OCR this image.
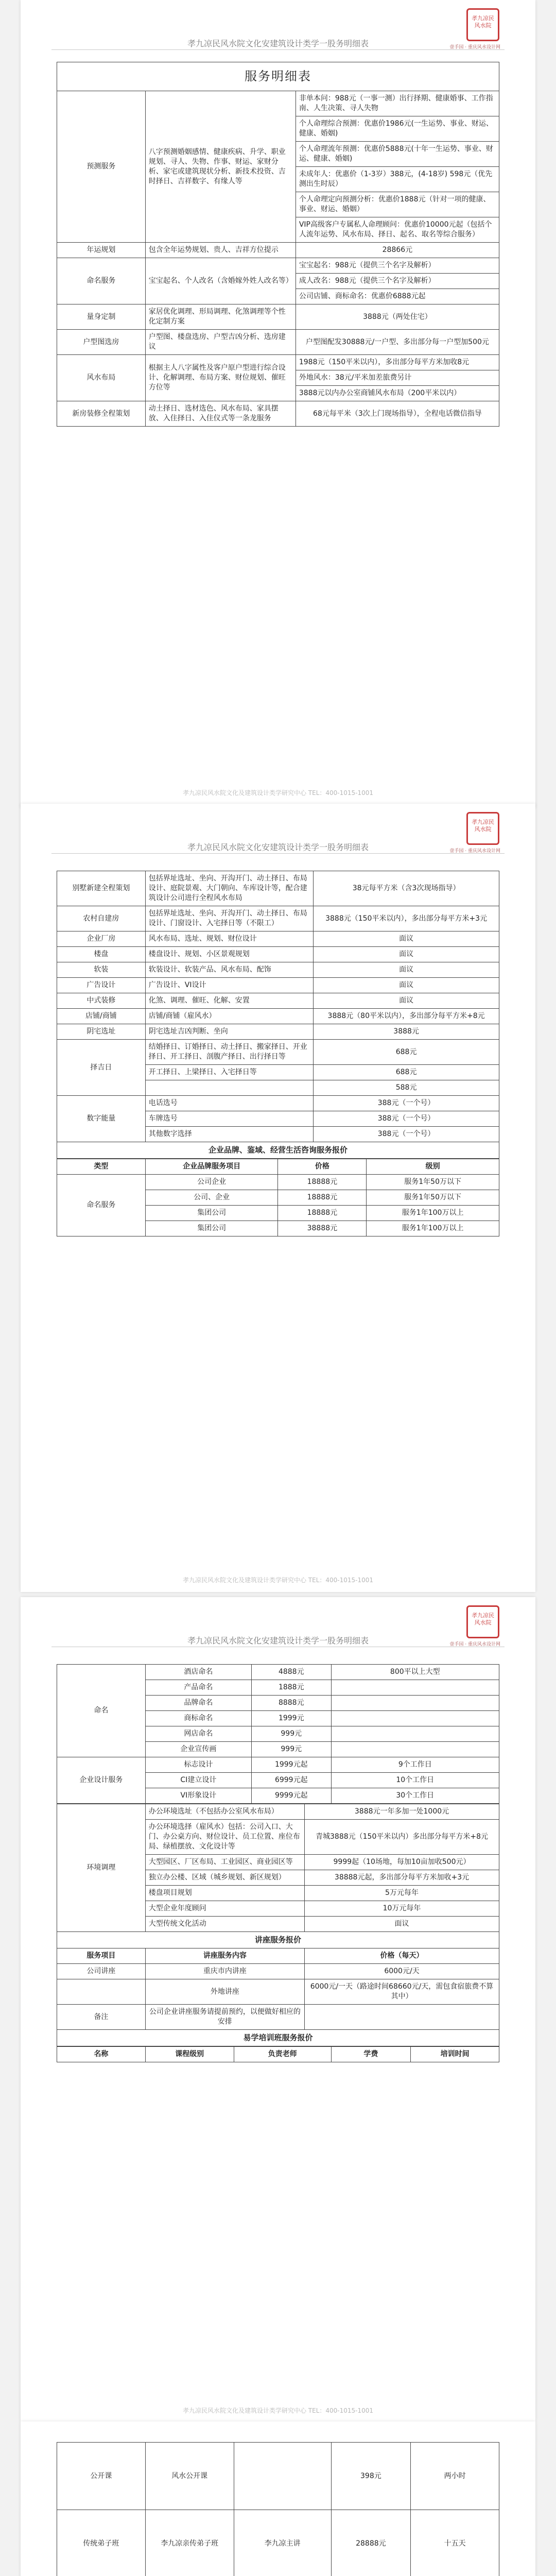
孝九凉民风水院
壹手园 · 重庆风水设计网
孝九凉民风水院文化安建筑设计类学一股务明细表
服务明细表		
预测服务	八字预测婚姻感情、健康疾病、升学、职业规划、寻人、失物、作事、财运、家财分析、家宅或建筑现状分析、新技术投资、吉时择日、吉祥数字、有缘人等	非单本问：988元（一事一测）出行择期、健康婚事、工作指南、人生决策、寻人失物
		个人命理综合预测：优惠价1986元(一生运势、事业、财运、健康、婚姻)
		个人命理流年预测：优惠价5888元(十年一生运势、事业、财运、健康、婚姻)
		未成年人：优惠价（1-3岁）388元，(4-18岁) 598元（优先测出生时辰）
		个人命理定向预测分析：优惠价1888元（针对一项的健康、事业、财运、婚姻）
		VIP高级客户专属私人命理顾问：优惠价10000元起（包括个人流年运势、风水布局、择日、起名、取名等综合服务）
年运规划	包含全年运势规划、贵人、吉祥方位提示	28866元
命名服务	宝宝起名、个人改名（含婚嫁外姓人改名等）	宝宝起名：988元（提供三个名字及解析）
		成人改名：988元（提供三个名字及解析）
		公司店铺、商标命名：优惠价6888元起
量身定制	家居优化调理、形局调理、化煞调理等个性化定制方案	3888元（两处住宅）
户型图选房	户型图、楼盘选房、户型吉凶分析、选房建议	户型图配发30888元/一户型、多出部分每一户型加500元
风水布局	根据主人八字属性及客户原户型进行综合设计、化解调理、布局方案、财位规划、催旺方位等	1988元（150平米以内），多出部分每平方米加收8元
		外地风水：38元/平米加差旅费另计
		3888元以内办公室商铺风水布局（200平米以内）
新房装修全程策划	动土择日、选材选色、风水布局、家具摆放、入住择日、入住仪式等一条龙服务	68元每平米（3次上门现场指导），全程电话微信指导
孝九凉民风水院文化及建筑设计类学研究中心 TEL：400-1015-1001
孝九凉民风水院
壹手园 · 重庆风水设计网
孝九凉民风水院文化安建筑设计类学一股务明细表
别墅新建全程策划	包括界址选址、坐向、开沟开门、动土择日、布局设计、庭院景观、大门朝向、车库设计等，配合建筑设计公司进行全程风水布局	38元每平方米（含3次现场指导）
农村自建房	包括界址选址、坐向、开沟开门、动土择日、布局设计、门窗设计、入宅择日等（不限工）	3888元（150平米以内），多出部分每平方米+3元
企业厂房	风水布局、选址、规划、财位设计	面议
楼盘	楼盘设计、规划、小区景观规划	面议
软装	软装设计、软装产品、风水布局、配饰	面议
广告设计	广告设计、VI设计	面议
中式装修	化煞、调理、催旺、化解、安置	面议
店铺/商铺	店铺/商铺（雇风水）	3888元（80平米以内），多出部分每平方米+8元
阴宅选址	阴宅选址吉凶判断、坐向	3888元
择吉日	结婚择日、订婚择日、动土择日、搬家择日、开业择日、开工择日、剖腹产择日、出行择日等	688元
	开工择日、上梁择日、入宅择日等	688元
		588元
数字能量	电话选号	388元（一个号）
	车牌选号	388元（一个号）
	其他数字选择	388元（一个号）
企业品牌、鉴域、经营生活咨询服务报价		
类型	企业品牌服务项目	价格	级别
命名服务	公司企业	18888元	服务1年50万以下
	公司、企业	18888元	服务1年50万以下
	集团公司	18888元	服务1年100万以上
	集团公司	38888元	服务1年100万以上
孝九凉民风水院文化及建筑设计类学研究中心 TEL：400-1015-1001
孝九凉民风水院
壹手园 · 重庆风水设计网
孝九凉民风水院文化安建筑设计类学一股务明细表
命名	酒店命名	4888元	800平以上大型
	产品命名	1888元	
	品牌命名	8888元	
	商标命名	1999元	
	网店命名	999元	
	企业宣传画	999元	
企业设计服务	标志设计	1999元起	9个工作日
	CI建立设计	6999元起	10个工作日
	VI形象设计	9999元起	30个工作日
环境调理	办公环境选址（不包括办公室风水布局）	3888元一年多加一处1000元
	办公环境选择（雇风水）包括：公司入口、大门、办公桌方向、财位设计、员工位置、座位布局、绿植摆放、文化设计等	青城3888元（150平米以内）多出部分每平方米+8元
	大型园区、厂区布局、工业园区、商业园区等	9999起（10场地，每加10亩加收500元）
	独立办公楼、区域（城乡规划、新区规划）	38888元起，多出部分每平方米加收+3元
	楼盘项目规划	5万元每年
	大型企业年度顾问	10万元每年
	大型传统文化活动	面议
讲座服务报价		
服务项目	讲座服务内容	价格（每天）
公司讲座	重庆市内讲座	6000元/天
	外地讲座	6000元/一天（路途时间68660元/天，需包食宿旅费不算其中）
备注	公司企业讲座服务请提前预约，以便做好相应的安排	
易学培训班服务报价		
名称	课程级别	负责老师	学费	培训时间
孝九凉民风水院文化及建筑设计类学研究中心 TEL：400-1015-1001
公开课	风水公开课		398元	两小时
传统弟子班	李九凉亲传弟子班	李九凉主讲	28888元	十五天
